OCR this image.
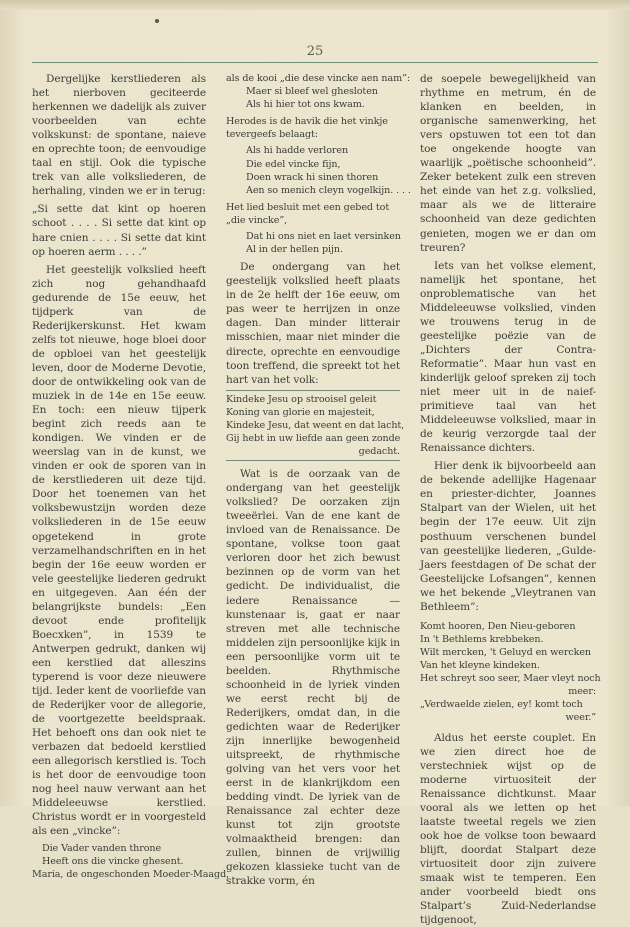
25

Dergelijke kerstliederen als het nierboven geciteerde herkennen we dadelijk als zuiver voorbeelden van echte volkskunst: de spontane, naieve en oprechte toon; de eenvoudige taal en stijl. Ook die typische trek van alle volksliederen, de herhaling, vinden we er in terug:

„Si sette dat kint op hoeren schoot . . . . Si sette dat kint op hare cnien . . . . Si sette dat kint op hoeren aerm . . . .”

Het geestelijk volkslied heeft zich nog gehandhaafd gedurende de 15e eeuw, het tijdperk van de Rederijkerskunst. Het kwam zelfs tot nieuwe, hoge bloei door de opbloei van het geestelijk leven, door de Moderne Devotie, door de ontwikkeling ook van de muziek in de 14e en 15e eeuw. En toch: een nieuw tijperk begint zich reeds aan te kondigen. We vinden er de weerslag van in de kunst, we vinden er ook de sporen van in de kerstliederen uit deze tijd. Door het toenemen van het volksbewustzijn worden deze volksliederen in de 15e eeuw opgetekend in grote verzamelhandschriften en in het begin der 16e eeuw worden er vele geestelijke liederen gedrukt en uitgegeven. Aan één der belangrijkste bundels: „Een devoot ende profitelijk Boecxken”, in 1539 te Antwerpen gedrukt, danken wij een kerstlied dat alleszins typerend is voor deze nieuwere tijd. Ieder kent de voorliefde van de Rederijker voor de allegorie, de voortgezette beeldspraak. Het behoeft ons dan ook niet te verbazen dat bedoeld kerstlied een allegorisch kerstlied is. Toch is het door de eenvoudige toon nog heel nauw verwant aan het Middeleeuwse kerstlied. Christus wordt er in voorgesteld als een „vincke”:

Die Vader vanden throne
Heeft ons die vincke ghesent.
Maria, de ongeschonden Moeder-Maagd,
als de kooi „die dese vincke aen nam”:
Maer si bleef wel ghesloten
Als hi hier tot ons kwam.
Herodes is de havik die het vinkje tevergeefs belaagt:
Als hi hadde verloren
Die edel vincke fijn,
Doen wrack hi sinen thoren
Aen so menich cleyn vogelkijn. . . .
Het lied besluit met een gebed tot „die vincke”,
Dat hi ons niet en laet versinken
Al in der hellen pijn.

De ondergang van het geestelijk volkslied heeft plaats in de 2e helft der 16e eeuw, om pas weer te herrijzen in onze dagen. Dan minder litterair misschien, maar niet minder die directe, oprechte en eenvoudige toon treffend, die spreekt tot het hart van het volk:

Kindeke Jesu op strooisel geleit
Koning van glorie en majesteit,
Kindeke Jesu, dat weent en dat lacht,
Gij hebt in uw liefde aan geen zonde
gedacht.

Wat is de oorzaak van de ondergang van het geestelijk volkslied? De oorzaken zijn tweeërlei. Van de ene kant de invloed van de Renaissance. De spontane, volkse toon gaat verloren door het zich bewust bezinnen op de vorm van het gedicht. De individualist, die iedere Renaissance — kunstenaar is, gaat er naar streven met alle technische middelen zijn persoonlijke kijk in een persoonlijke vorm uit te beelden. Rhythmische schoonheid in de lyriek vinden we eerst recht bij de Rederijkers, omdat dan, in die gedichten waar de Rederijker zijn innerlijke bewogenheid uitspreekt, de rhythmische golving van het vers voor het eerst in de klankrijkdom een bedding vindt. De lyriek van de Renaissance zal echter deze kunst tot zijn grootste volmaaktheid brengen: dan zullen, binnen de vrijwillig gekozen klassieke tucht van de strakke vorm, én

de soepele bewegelijkheid van rhythme en metrum, én de klanken en beelden, in organische samenwerking, het vers opstuwen tot een tot dan toe ongekende hoogte van waarlijk „poëtische schoonheid”. Zeker betekent zulk een streven het einde van het z.g. volkslied, maar als we de litteraire schoonheid van deze gedichten genieten, mogen we er dan om treuren?

Iets van het volkse element, namelijk het spontane, het onproblematische van het Middeleeuwse volkslied, vinden we trouwens terug in de geestelijke poëzie van de „Dichters der Contra-Reformatie”. Maar hun vast en kinderlijk geloof spreken zij toch niet meer uit in de naief-primitieve taal van het Middeleeuwse volkslied, maar in de keurig verzorgde taal der Renaissance dichters.

Hier denk ik bijvoorbeeld aan de bekende adellijke Hagenaar en priester-dichter, Joannes Stalpart van der Wielen, uit het begin der 17e eeuw. Uit zijn posthuum verschenen bundel van geestelijke liederen, „Gulde-Jaers feestdagen of De schat der Geestelijcke Lofsangen”, kennen we het bekende „Vleytranen van Bethleem”:

Komt hooren, Den Nieu-geboren
In 't Bethlems krebbeken.
Wilt mercken, 't Geluyd en wercken
Van het kleyne kindeken.
Het schreyt soo seer, Maer vleyt noch
meer:
„Verdwaelde zielen, ey! komt toch
weer.”

Aldus het eerste couplet. En we zien direct hoe de verstechniek wijst op de moderne virtuositeit der Renaissance dichtkunst. Maar vooral als we letten op het laatste tweetal regels we zien ook hoe de volkse toon bewaard blijft, doordat Stalpart deze virtuositeit door zijn zuivere smaak wist te temperen. Een ander voorbeeld biedt ons Stalpart’s Zuid-Nederlandse tijdgenoot,
